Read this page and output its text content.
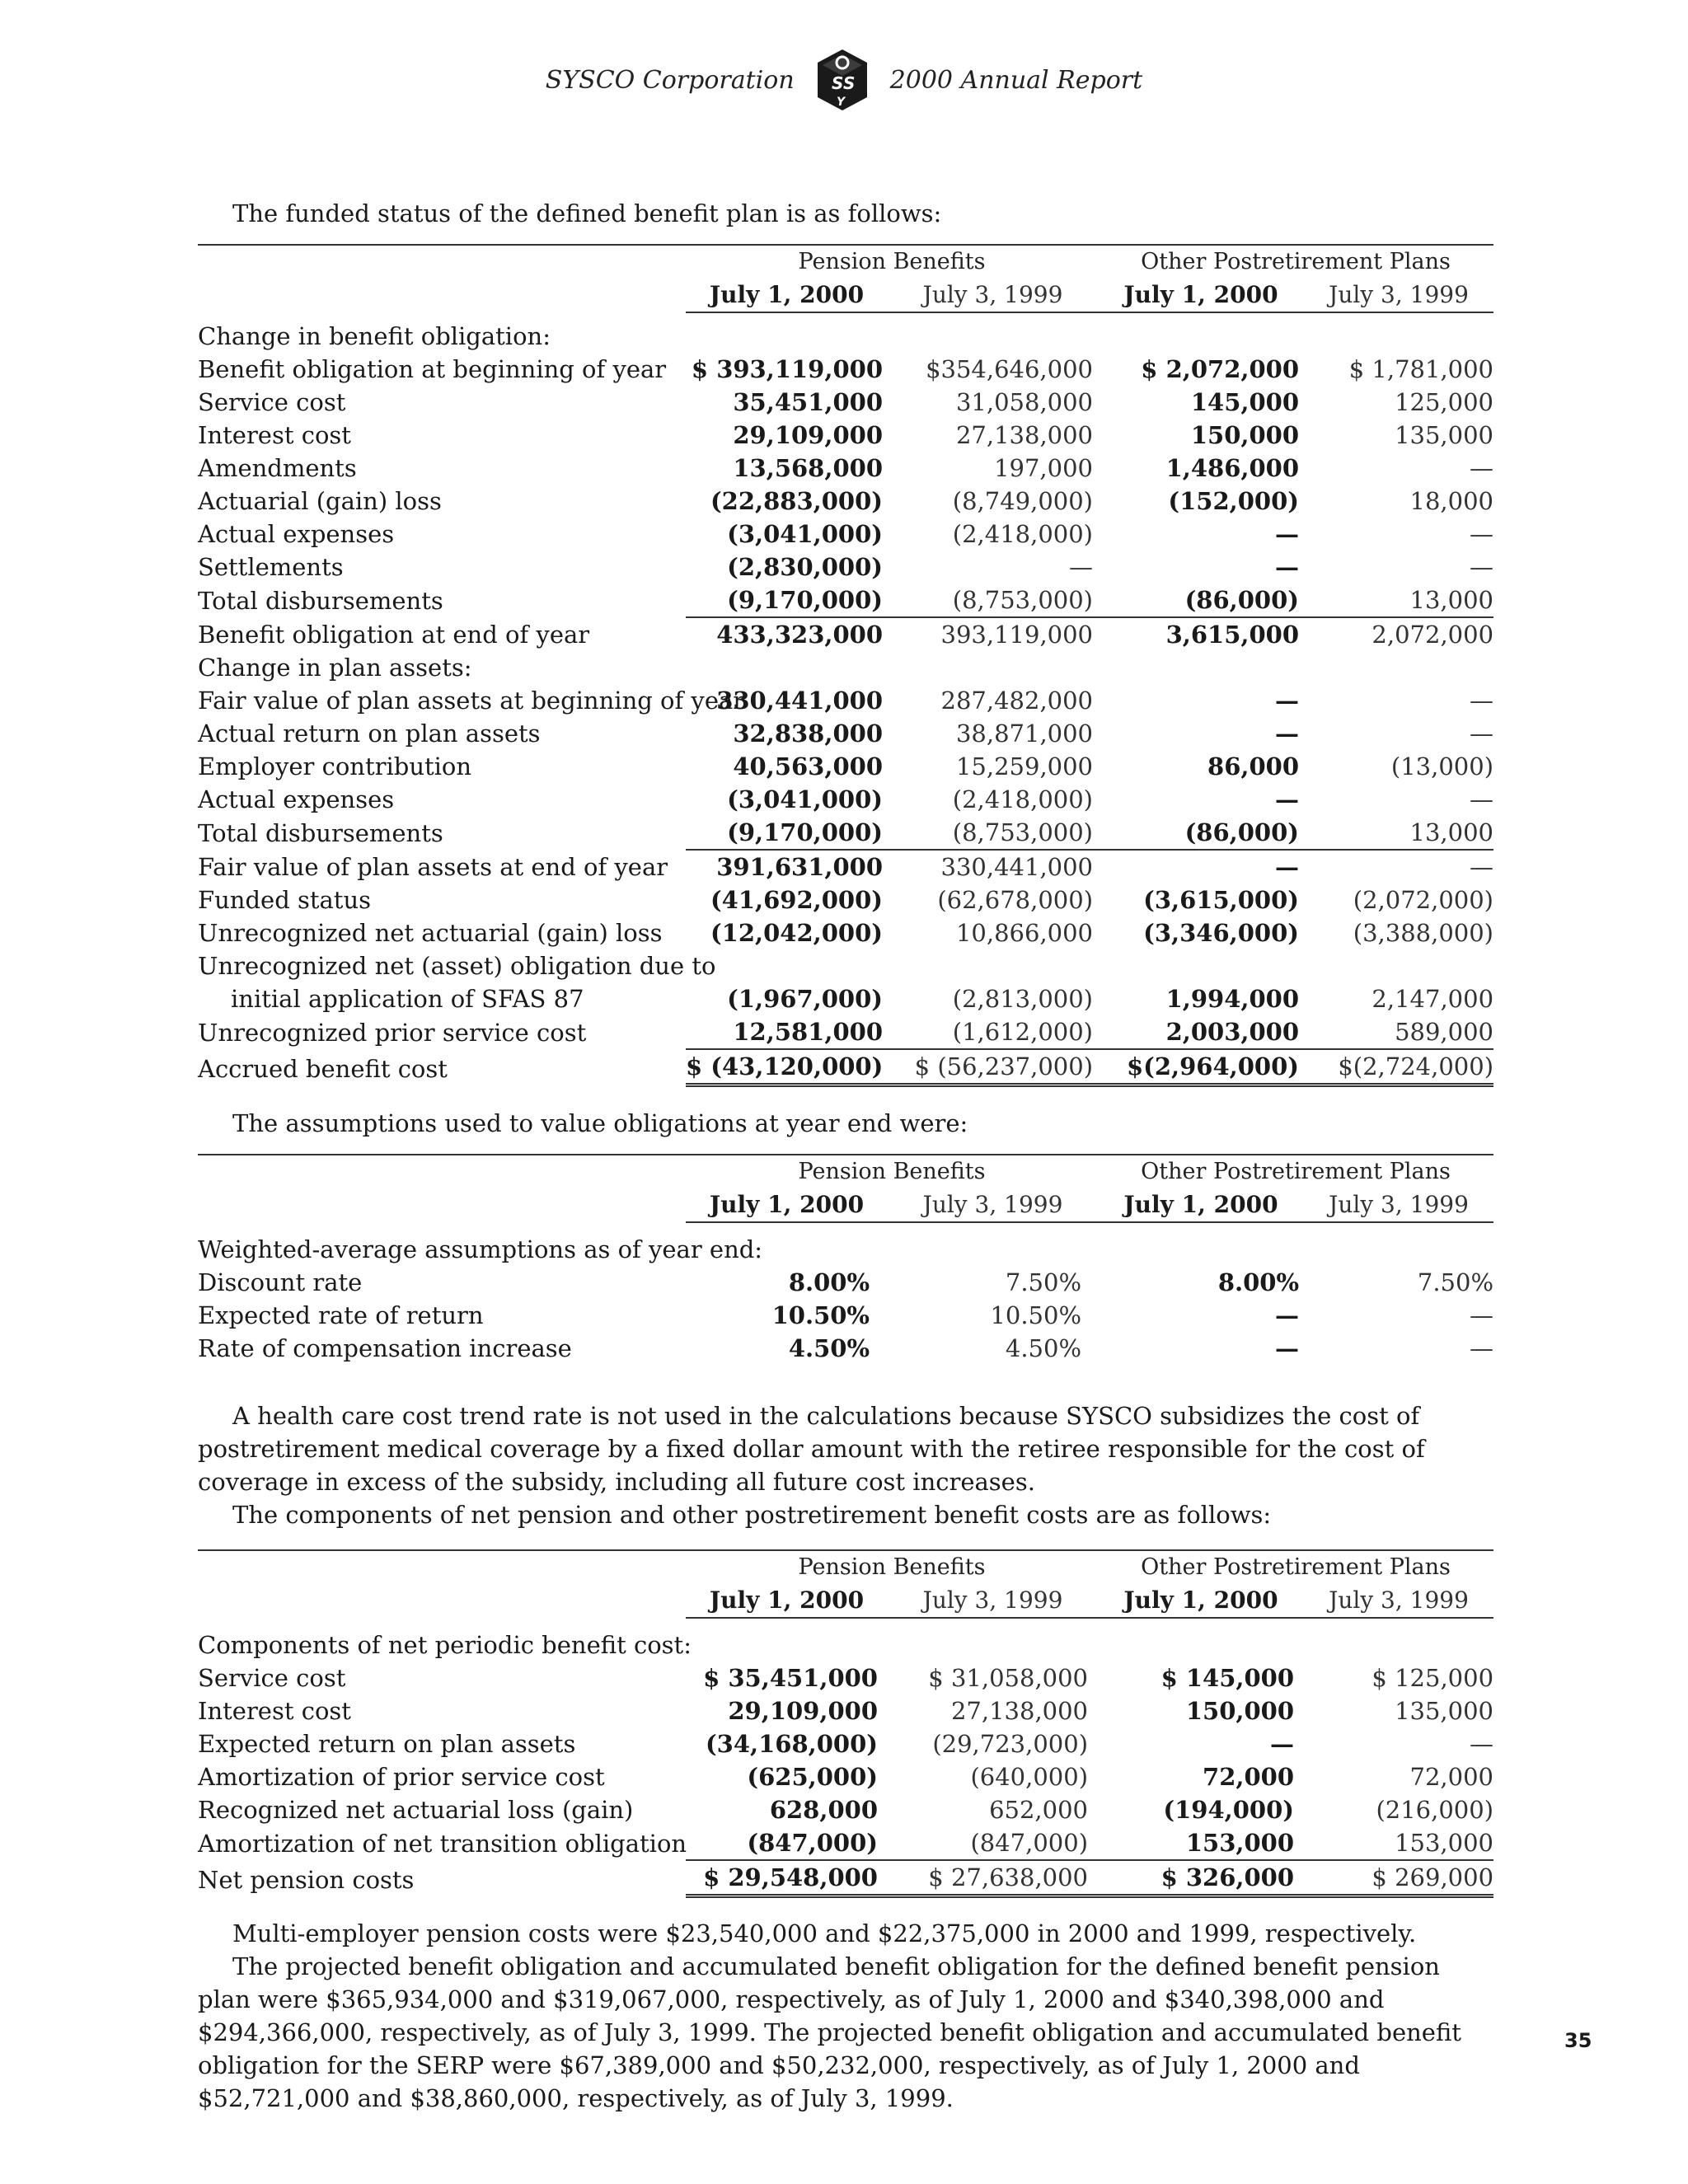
SYSCO Corporation S S
Y
2000 Annual Report
The funded status of the defined benefit plan is as follows:
	Pension Benefits		Other Postretirement Plans	
	July 1, 2000	July 3, 1999	July 1, 2000	July 3, 1999

Change in benefit obligation:				
Benefit obligation at beginning of year	$ 393,119,000	$354,646,000	$ 2,072,000	$ 1,781,000
Service cost	35,451,000	31,058,000	145,000	125,000
Interest cost	29,109,000	27,138,000	150,000	135,000
Amendments	13,568,000	197,000	1,486,000	—
Actuarial (gain) loss	(22,883,000)	(8,749,000)	(152,000)	18,000
Actual expenses	(3,041,000)	(2,418,000)	—	—
Settlements	(2,830,000)	—	—	—
Total disbursements	(9,170,000)	(8,753,000)	(86,000)	13,000
Benefit obligation at end of year	433,323,000	393,119,000	3,615,000	2,072,000
Change in plan assets:				
Fair value of plan assets at beginning of year	330,441,000	287,482,000	—	—
Actual return on plan assets	32,838,000	38,871,000	—	—
Employer contribution	40,563,000	15,259,000	86,000	(13,000)
Actual expenses	(3,041,000)	(2,418,000)	—	—
Total disbursements	(9,170,000)	(8,753,000)	(86,000)	13,000
Fair value of plan assets at end of year	391,631,000	330,441,000	—	—
Funded status	(41,692,000)	(62,678,000)	(3,615,000)	(2,072,000)
Unrecognized net actuarial (gain) loss	(12,042,000)	10,866,000	(3,346,000)	(3,388,000)
Unrecognized net (asset) obligation due to				
initial application of SFAS 87	(1,967,000)	(2,813,000)	1,994,000	2,147,000
Unrecognized prior service cost	12,581,000	(1,612,000)	2,003,000	589,000
Accrued benefit cost	$ (43,120,000)	$ (56,237,000)	$(2,964,000)	$(2,724,000)
The assumptions used to value obligations at year end were:
	Pension Benefits		Other Postretirement Plans	
	July 1, 2000	July 3, 1999	July 1, 2000	July 3, 1999

Weighted-average assumptions as of year end:				
Discount rate	8.00%	7.50%	8.00%	7.50%
Expected rate of return	10.50%	10.50%	—	—
Rate of compensation increase	4.50%	4.50%	—	—

A health care cost trend rate is not used in the calculations because SYSCO subsidizes the cost of postretirement medical coverage by a fixed dollar amount with the retiree responsible for the cost of coverage in excess of the subsidy, including all future cost increases.

The components of net pension and other postretirement benefit costs are as follows:

	Pension Benefits		Other Postretirement Plans	
	July 1, 2000	July 3, 1999	July 1, 2000	July 3, 1999

Components of net periodic benefit cost:				
Service cost	$ 35,451,000	$ 31,058,000	$ 145,000	$ 125,000
Interest cost	29,109,000	27,138,000	150,000	135,000
Expected return on plan assets	(34,168,000)	(29,723,000)	—	—
Amortization of prior service cost	(625,000)	(640,000)	72,000	72,000
Recognized net actuarial loss (gain)	628,000	652,000	(194,000)	(216,000)
Amortization of net transition obligation	(847,000)	(847,000)	153,000	153,000
Net pension costs	$ 29,548,000	$ 27,638,000	$ 326,000	$ 269,000

Multi-employer pension costs were $23,540,000 and $22,375,000 in 2000 and 1999, respectively.

The projected benefit obligation and accumulated benefit obligation for the defined benefit pension plan were $365,934,000 and $319,067,000, respectively, as of July 1, 2000 and $340,398,000 and $294,366,000, respectively, as of July 3, 1999. The projected benefit obligation and accumulated benefit obligation for the SERP were $67,389,000 and $50,232,000, respectively, as of July 1, 2000 and $52,721,000 and $38,860,000, respectively, as of July 3, 1999.

35
